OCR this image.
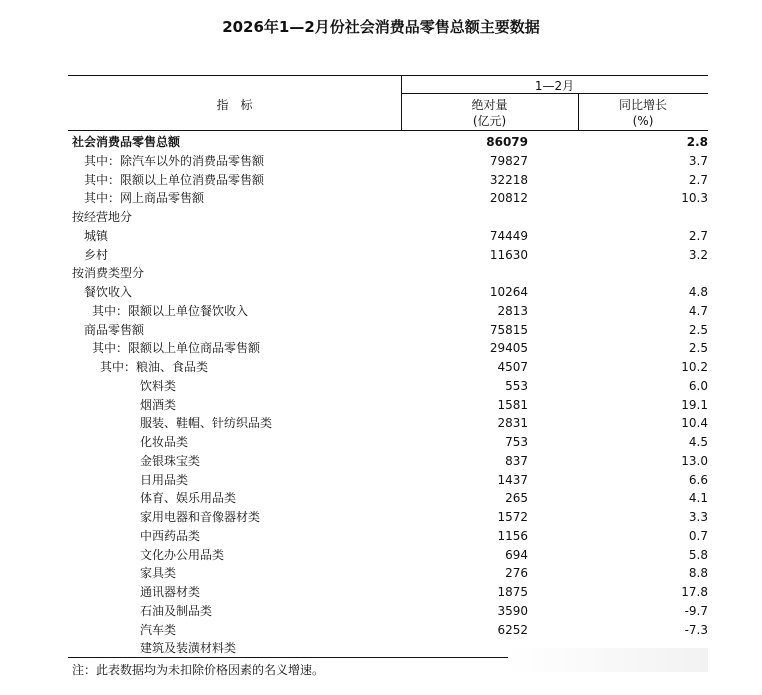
2026年1—2月份社会消费品零售总额主要数据
指　标
1—2月
绝对量
(亿元)
同比增长
(%)
社会消费品零售总额	86079	2.8
其中：除汽车以外的消费品零售额	79827	3.7
其中：限额以上单位消费品零售额	32218	2.7
其中：网上商品零售额	20812	10.3
按经营地分
城镇	74449	2.7
乡村	11630	3.2
按消费类型分
餐饮收入	10264	4.8
其中：限额以上单位餐饮收入	2813	4.7
商品零售额	75815	2.5
其中：限额以上单位商品零售额	29405	2.5
其中：粮油、食品类	4507	10.2
饮料类	553	6.0
烟酒类	1581	19.1
服装、鞋帽、针纺织品类	2831	10.4
化妆品类	753	4.5
金银珠宝类	837	13.0
日用品类	1437	6.6
体育、娱乐用品类	265	4.1
家用电器和音像器材类	1572	3.3
中西药品类	1156	0.7
文化办公用品类	694	5.8
家具类	276	8.8
通讯器材类	1875	17.8
石油及制品类	3590	-9.7
汽车类	6252	-7.3
建筑及装潢材料类
注：此表数据均为未扣除价格因素的名义增速。
